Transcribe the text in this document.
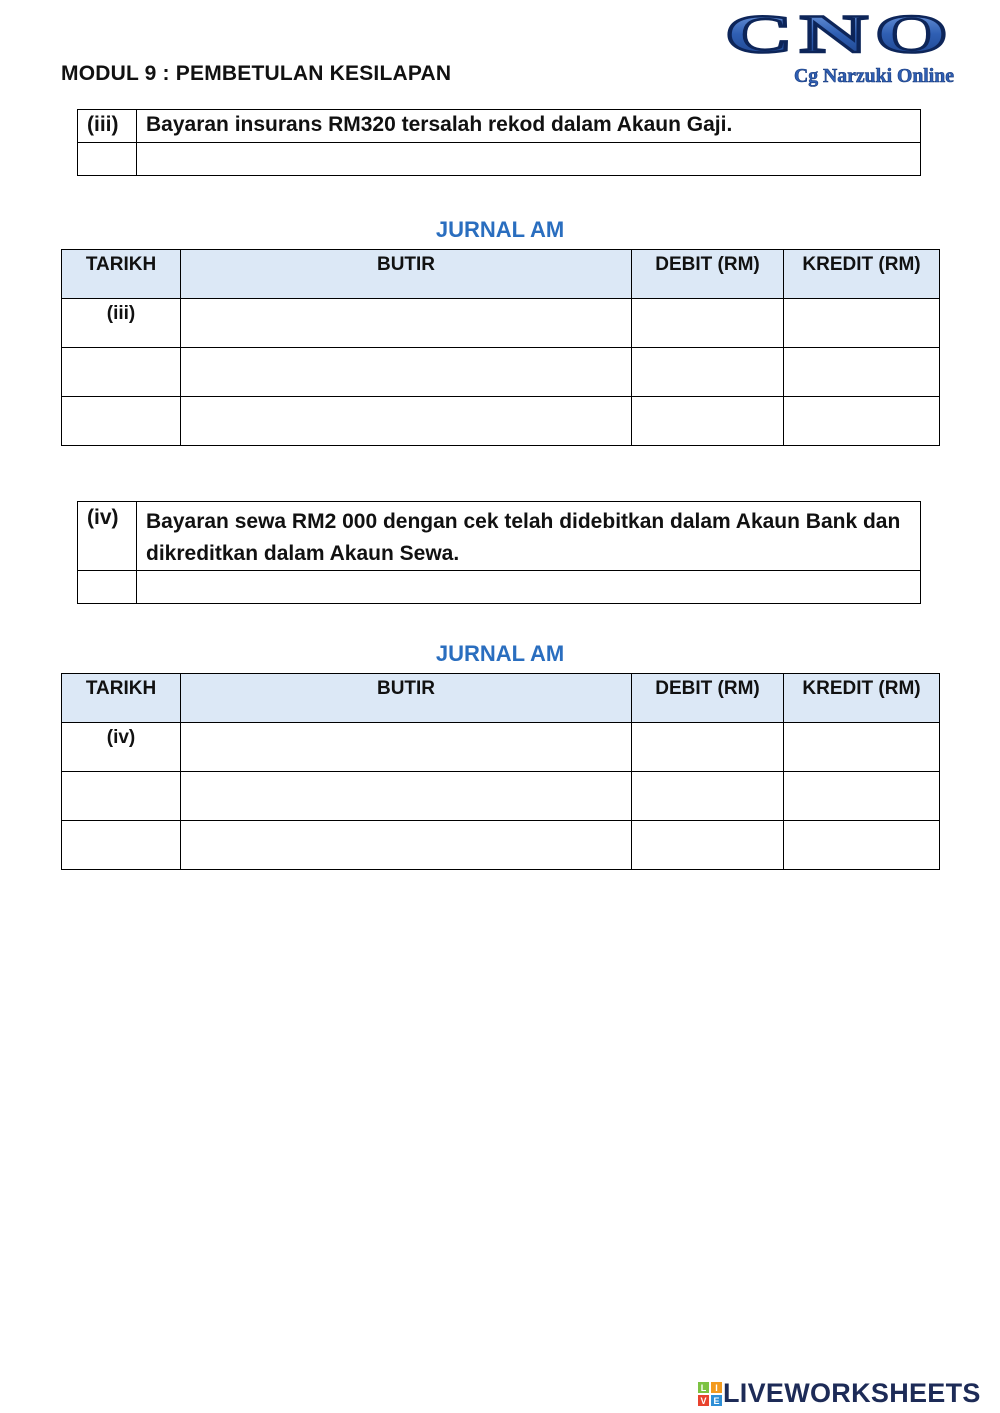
MODUL 9 : PEMBETULAN KESILAPAN
CNO
Cg Narzuki Online
(iii)	Bayaran insurans RM320 tersalah rekod dalam Akaun Gaji.

JURNAL AM
TARIKH	BUTIR	DEBIT (RM)	KREDIT (RM)
(iii)			

(iv)	Bayaran sewa RM2 000 dengan cek telah didebitkan dalam Akaun Bank dan dikreditkan dalam Akaun Sewa.

JURNAL AM
TARIKH	BUTIR	DEBIT (RM)	KREDIT (RM)
(iv)			

L I
V E LIVEWORKSHEETS
